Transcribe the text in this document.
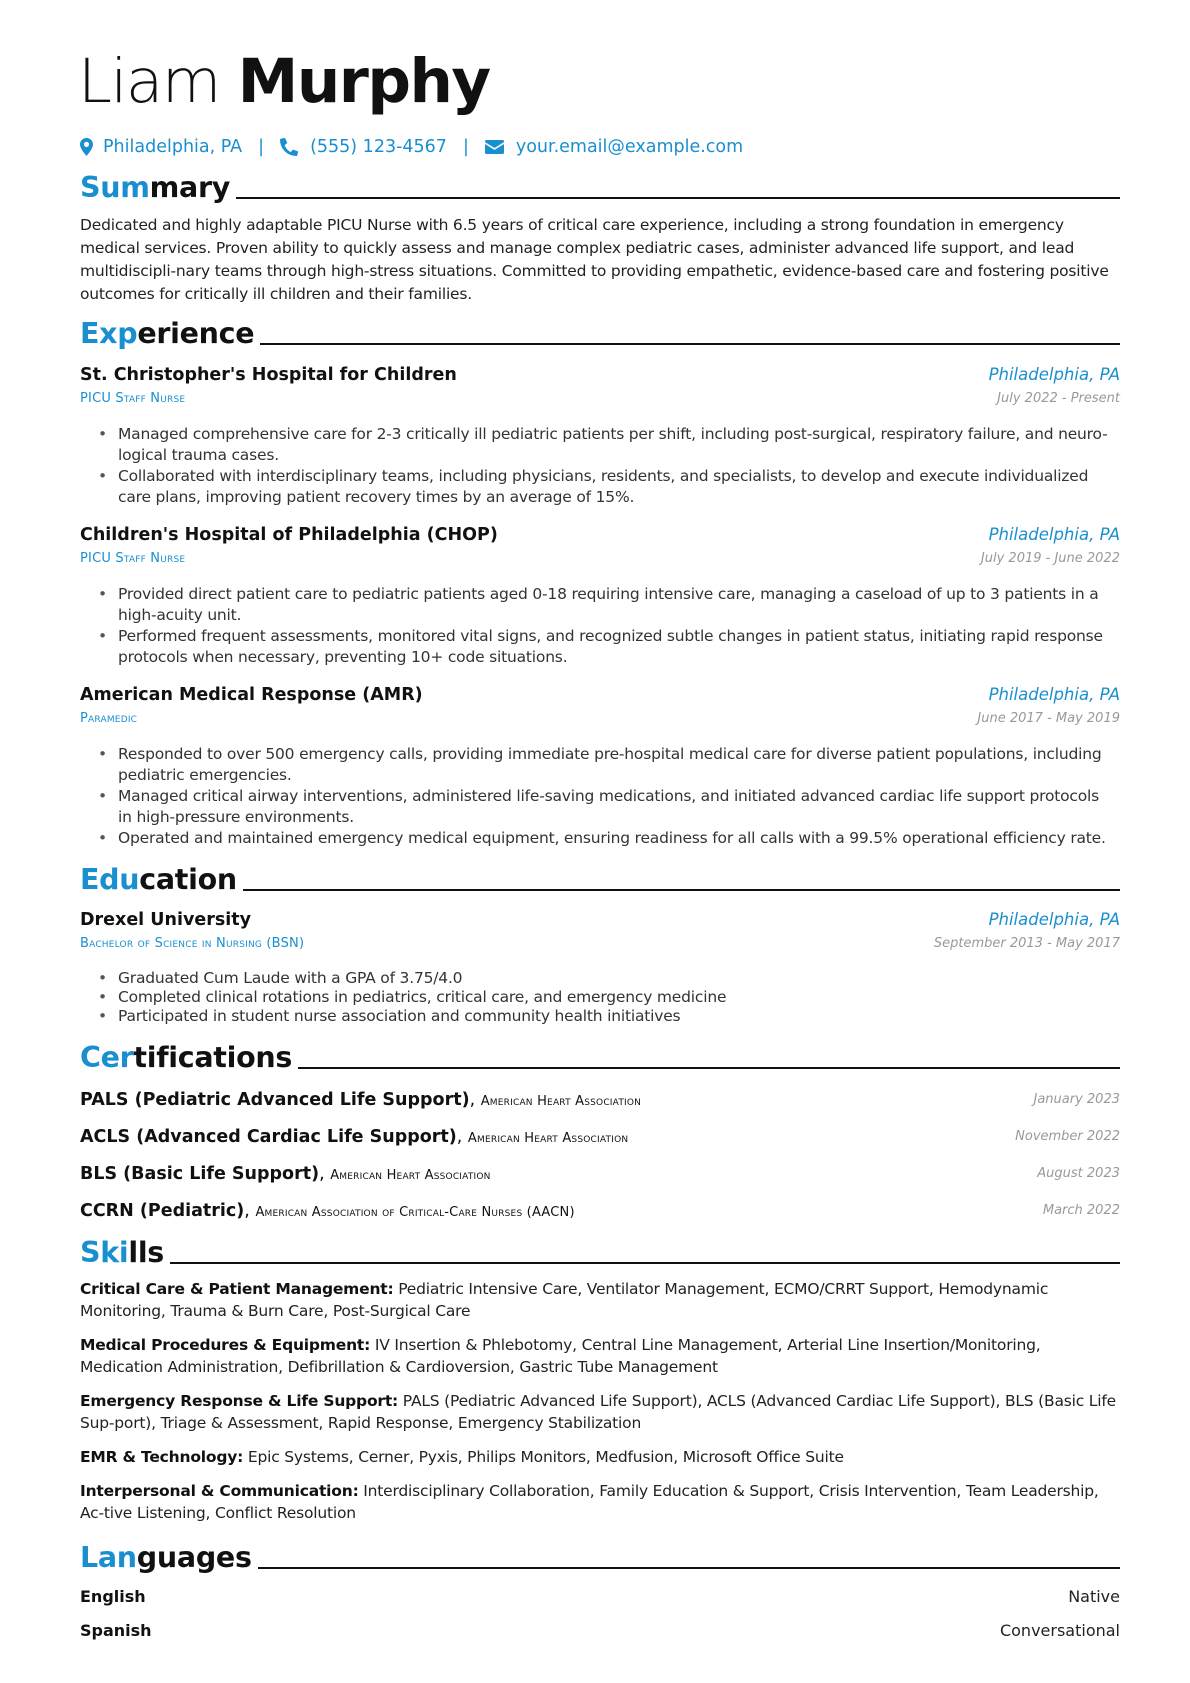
Liam Murphy
Philadelphia, PA |	(555) 123-4567 |	your.email@example.com
Summary
Dedicated and highly adaptable PICU Nurse with 6.5 years of critical care experience, including a strong foundation in emergency medical services. Proven ability to quickly assess and manage complex pediatric cases, administer advanced life support, and lead multidiscipli-nary teams through high-stress situations. Committed to providing empathetic, evidence-based care and fostering positive outcomes for critically ill children and their families.
Experience
St. Christopher's Hospital for Children	Philadelphia, PA
PICU Staff Nurse	July 2022 - Present
• Managed comprehensive care for 2-3 critically ill pediatric patients per shift, including post-surgical, respiratory failure, and neuro-logical trauma cases.
• Collaborated with interdisciplinary teams, including physicians, residents, and specialists, to develop and execute individualized care plans, improving patient recovery times by an average of 15%.
Children's Hospital of Philadelphia (CHOP)	Philadelphia, PA
PICU Staff Nurse	July 2019 - June 2022
• Provided direct patient care to pediatric patients aged 0-18 requiring intensive care, managing a caseload of up to 3 patients in a high-acuity unit.
• Performed frequent assessments, monitored vital signs, and recognized subtle changes in patient status, initiating rapid response protocols when necessary, preventing 10+ code situations.
American Medical Response (AMR)	Philadelphia, PA
Paramedic	June 2017 - May 2019
• Responded to over 500 emergency calls, providing immediate pre-hospital medical care for diverse patient populations, including pediatric emergencies.
• Managed critical airway interventions, administered life-saving medications, and initiated advanced cardiac life support protocols in high-pressure environments.
• Operated and maintained emergency medical equipment, ensuring readiness for all calls with a 99.5% operational efficiency rate.
Education
Drexel University	Philadelphia, PA
Bachelor of Science in Nursing (BSN)	September 2013 - May 2017
• Graduated Cum Laude with a GPA of 3.75/4.0
• Completed clinical rotations in pediatrics, critical care, and emergency medicine
• Participated in student nurse association and community health initiatives
Certifications
PALS (Pediatric Advanced Life Support), American Heart Association	January 2023
ACLS (Advanced Cardiac Life Support), American Heart Association	November 2022
BLS (Basic Life Support), American Heart Association	August 2023
CCRN (Pediatric), American Association of Critical-Care Nurses (AACN)	March 2022
Skills
Critical Care & Patient Management: Pediatric Intensive Care, Ventilator Management, ECMO/CRRT Support, Hemodynamic Monitoring, Trauma & Burn Care, Post-Surgical Care
Medical Procedures & Equipment: IV Insertion & Phlebotomy, Central Line Management, Arterial Line Insertion/Monitoring, Medication Administration, Defibrillation & Cardioversion, Gastric Tube Management
Emergency Response & Life Support: PALS (Pediatric Advanced Life Support), ACLS (Advanced Cardiac Life Support), BLS (Basic Life Sup-port), Triage & Assessment, Rapid Response, Emergency Stabilization
EMR & Technology: Epic Systems, Cerner, Pyxis, Philips Monitors, Medfusion, Microsoft Office Suite
Interpersonal & Communication: Interdisciplinary Collaboration, Family Education & Support, Crisis Intervention, Team Leadership, Ac-tive Listening, Conflict Resolution
Languages
English	Native
Spanish	Conversational
